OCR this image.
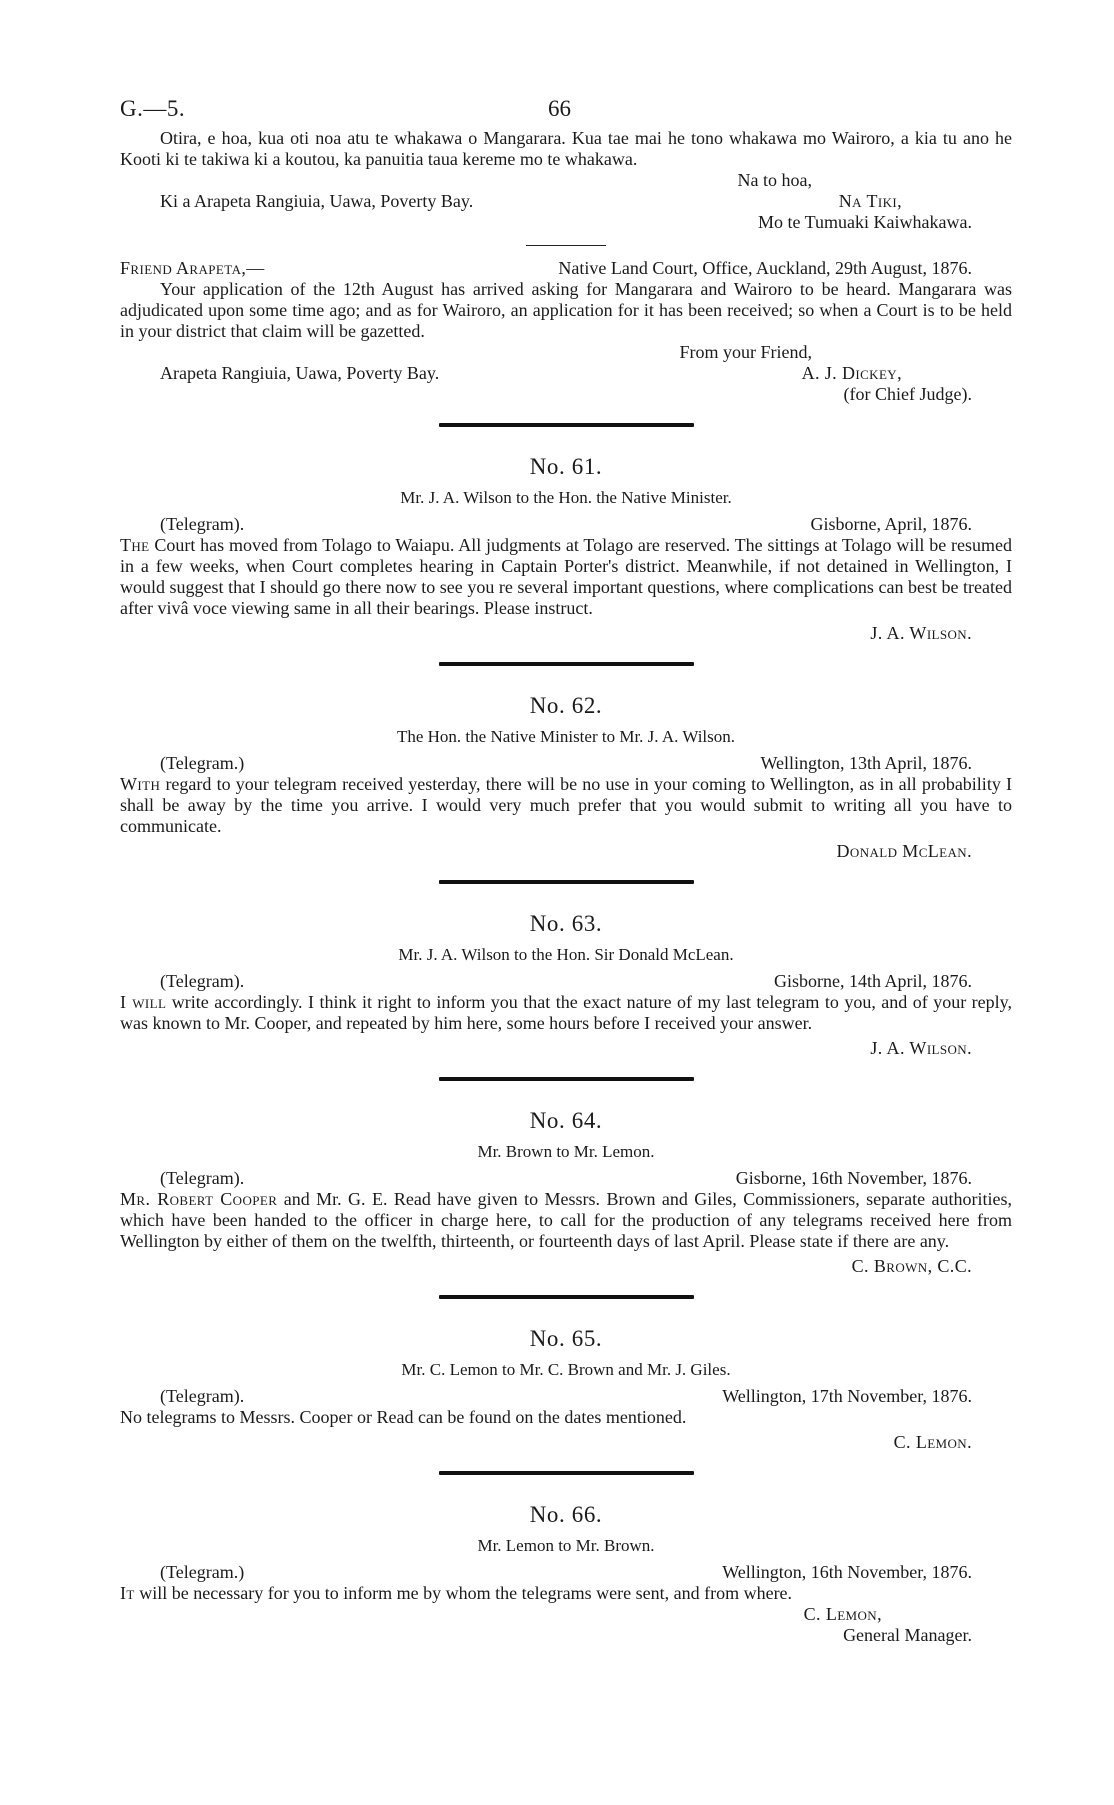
G.—5.	66

Otira, e hoa, kua oti noa atu te whakawa o Mangarara. Kua tae mai he tono whakawa mo Wairoro, a kia tu ano he Kooti ki te takiwa ki a koutou, ka panuitia taua kereme mo te whakawa.

Na to hoa,
Ki a Arapeta Rangiuia, Uawa, Poverty Bay.	Na Tiki,
Mo te Tumuaki Kaiwhakawa.
Friend Arapeta,—	Native Land Court, Office, Auckland, 29th August, 1876.

Your application of the 12th August has arrived asking for Mangarara and Wairoro to be heard. Mangarara was adjudicated upon some time ago; and as for Wairoro, an application for it has been received; so when a Court is to be held in your district that claim will be gazetted.

From your Friend,
Arapeta Rangiuia, Uawa, Poverty Bay.	A. J. Dickey,
(for Chief Judge).
No. 61.
Mr. J. A. Wilson to the Hon. the Native Minister.
(Telegram).	Gisborne, April, 1876.

The Court has moved from Tolago to Waiapu. All judgments at Tolago are reserved. The sittings at Tolago will be resumed in a few weeks, when Court completes hearing in Captain Porter's district. Meanwhile, if not detained in Wellington, I would suggest that I should go there now to see you re several important questions, where complications can best be treated after vivâ voce viewing same in all their bearings. Please instruct.

J. A. Wilson.
No. 62.
The Hon. the Native Minister to Mr. J. A. Wilson.
(Telegram.)	Wellington, 13th April, 1876.

With regard to your telegram received yesterday, there will be no use in your coming to Wellington, as in all probability I shall be away by the time you arrive. I would very much prefer that you would submit to writing all you have to communicate.

Donald McLean.
No. 63.
Mr. J. A. Wilson to the Hon. Sir Donald McLean.
(Telegram).	Gisborne, 14th April, 1876.

I will write accordingly. I think it right to inform you that the exact nature of my last telegram to you, and of your reply, was known to Mr. Cooper, and repeated by him here, some hours before I received your answer.

J. A. Wilson.
No. 64.
Mr. Brown to Mr. Lemon.
(Telegram).	Gisborne, 16th November, 1876.

Mr. Robert Cooper and Mr. G. E. Read have given to Messrs. Brown and Giles, Commissioners, separate authorities, which have been handed to the officer in charge here, to call for the production of any telegrams received here from Wellington by either of them on the twelfth, thirteenth, or fourteenth days of last April. Please state if there are any.

C. Brown, C.C.
No. 65.
Mr. C. Lemon to Mr. C. Brown and Mr. J. Giles.
(Telegram).	Wellington, 17th November, 1876.

No telegrams to Messrs. Cooper or Read can be found on the dates mentioned.

C. Lemon.
No. 66.
Mr. Lemon to Mr. Brown.
(Telegram.)	Wellington, 16th November, 1876.

It will be necessary for you to inform me by whom the telegrams were sent, and from where.

C. Lemon,
General Manager.
